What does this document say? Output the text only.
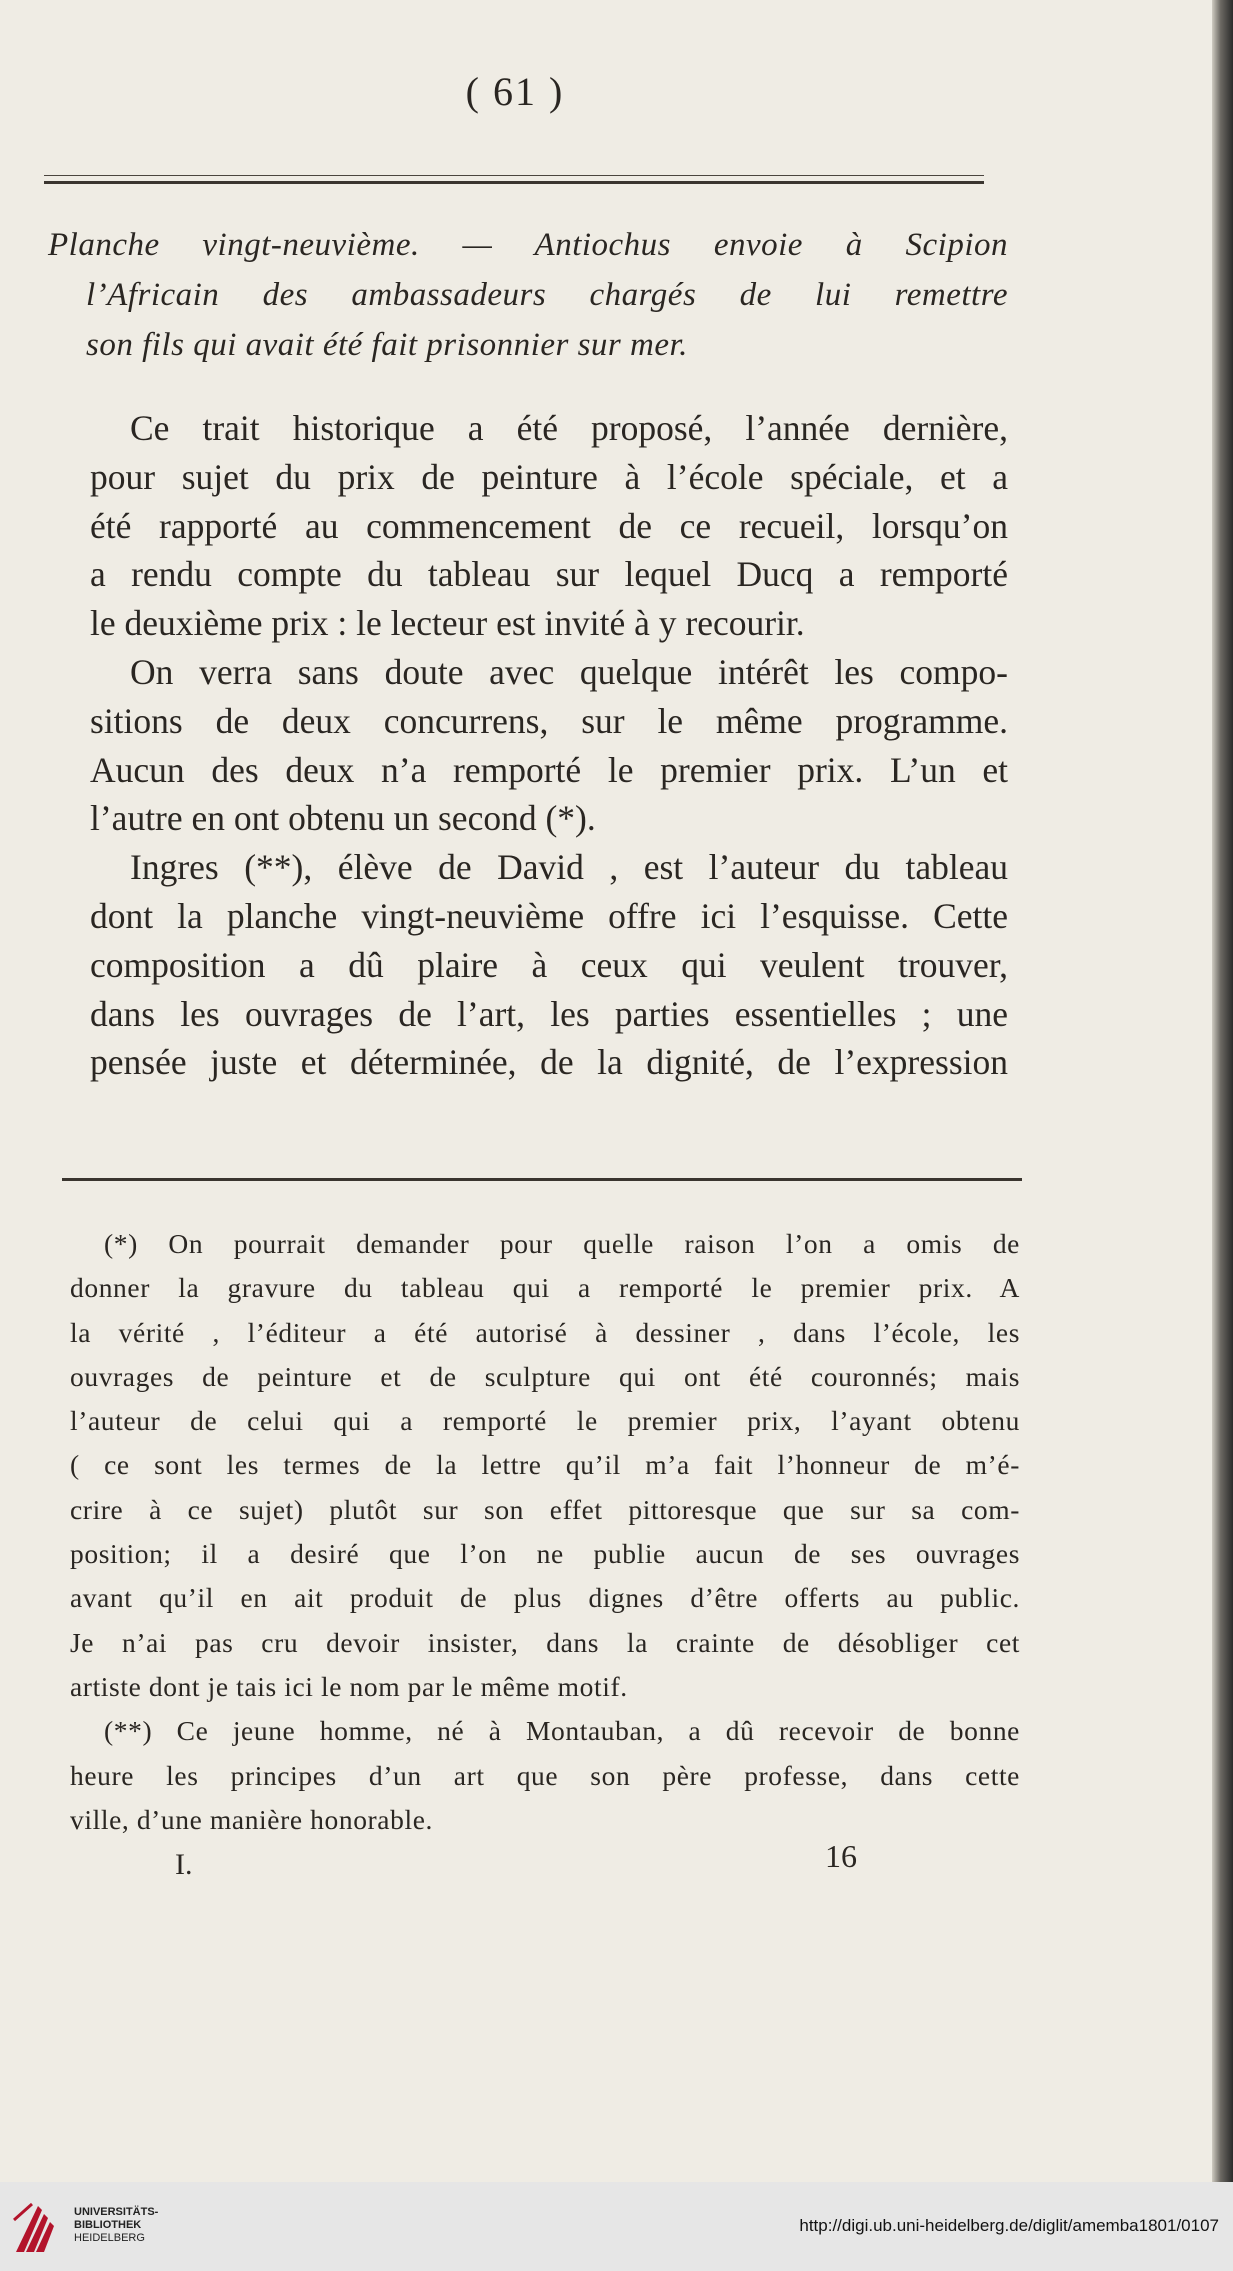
( 61 )
Planche vingt-neuvième. — Antiochus envoie à Scipion
l’Africain des ambassadeurs chargés de lui remettre
son fils qui avait été fait prisonnier sur mer.

Ce trait historique a été proposé, l’année dernière,
pour sujet du prix de peinture à l’école spéciale, et a
été rapporté au commencement de ce recueil, lorsqu’on
a rendu compte du tableau sur lequel Ducq a remporté
le deuxième prix : le lecteur est invité à y recourir.

On verra sans doute avec quelque intérêt les compo-
sitions de deux concurrens, sur le même programme.
Aucun des deux n’a remporté le premier prix. L’un et
l’autre en ont obtenu un second (*).

Ingres (**), élève de David , est l’auteur du tableau
dont la planche vingt-neuvième offre ici l’esquisse. Cette
composition a dû plaire à ceux qui veulent trouver,
dans les ouvrages de l’art, les parties essentielles ; une
pensée juste et déterminée, de la dignité, de l’expression

(*) On pourrait demander pour quelle raison l’on a omis de
donner la gravure du tableau qui a remporté le premier prix. A
la vérité , l’éditeur a été autorisé à dessiner , dans l’école, les
ouvrages de peinture et de sculpture qui ont été couronnés; mais
l’auteur de celui qui a remporté le premier prix, l’ayant obtenu
( ce sont les termes de la lettre qu’il m’a fait l’honneur de m’é-
crire à ce sujet) plutôt sur son effet pittoresque que sur sa com-
position; il a desiré que l’on ne publie aucun de ses ouvrages
avant qu’il en ait produit de plus dignes d’être offerts au public.
Je n’ai pas cru devoir insister, dans la crainte de désobliger cet
artiste dont je tais ici le nom par le même motif.
(**) Ce jeune homme, né à Montauban, a dû recevoir de bonne
heure les principes d’un art que son père professe, dans cette
ville, d’une manière honorable.
I.	16
UNIVERSITÄTS-
BIBLIOTHEK
HEIDELBERG
http://digi.ub.uni-heidelberg.de/diglit/amemba1801/0107
